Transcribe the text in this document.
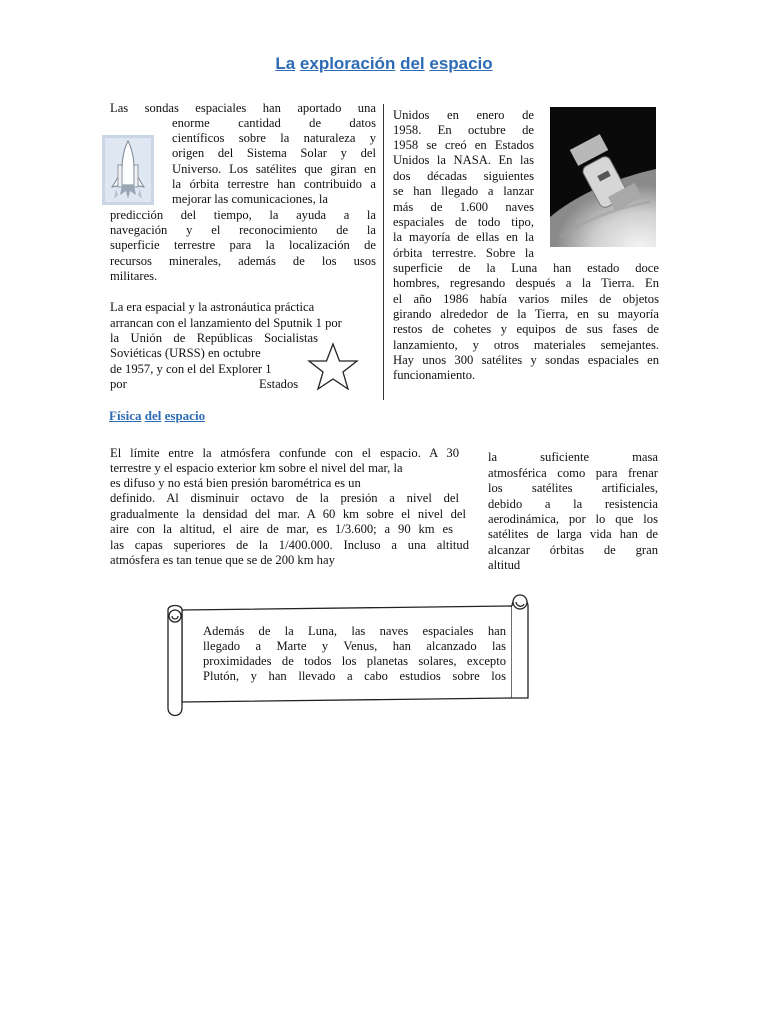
La exploración del espacio
Las sondas espaciales han aportado una
enorme cantidad de datos
científicos sobre la naturaleza y
origen del Sistema Solar y del
Universo. Los satélites que giran en
la órbita terrestre han contribuido a
mejorar las comunicaciones, la
predicción del tiempo, la ayuda a la
navegación y el reconocimiento de la
superficie terrestre para la localización de
recursos minerales, además de los usos
militares.
La era espacial y la astronáutica práctica
arrancan con el lanzamiento del Sputnik 1 por
la Unión de Repúblicas Socialistas
Soviéticas (URSS) en octubre
de 1957, y con el del Explorer 1
por	Estados
Unidos en enero de
1958. En octubre de
1958 se creó en Estados
Unidos la NASA. En las
dos décadas siguientes
se han llegado a lanzar
más de 1.600 naves
espaciales de todo tipo,
la mayoría de ellas en la
órbita terrestre. Sobre la
superficie de la Luna han estado doce
hombres, regresando después a la Tierra. En
el año 1986 había varios miles de objetos
girando alrededor de la Tierra, en su mayoría
restos de cohetes y equipos de sus fases de
lanzamiento, y otros materiales semejantes.
Hay unos 300 satélites y sondas espaciales en
funcionamiento.
Física del espacio
El límite entre la atmósfera confunde con el espacio. A 30
terrestre y el espacio exterior km sobre el nivel del mar, la
es difuso y no está bien presión barométrica es un
definido. Al disminuir octavo de la presión a nivel del
gradualmente la densidad del mar. A 60 km sobre el nivel del
aire con la altitud, el aire de mar, es 1/3.600; a 90 km es
las capas superiores de la 1/400.000. Incluso a una altitud
atmósfera es tan tenue que se de 200 km hay
la suficiente masa
atmosférica como para frenar
los satélites artificiales,
debido a la resistencia
aerodinámica, por lo que los
satélites de larga vida han de
alcanzar órbitas de gran
altitud
Además de la Luna, las naves espaciales han
llegado a Marte y Venus, han alcanzado las
proximidades de todos los planetas solares, excepto
Plutón, y han llevado a cabo estudios sobre los
